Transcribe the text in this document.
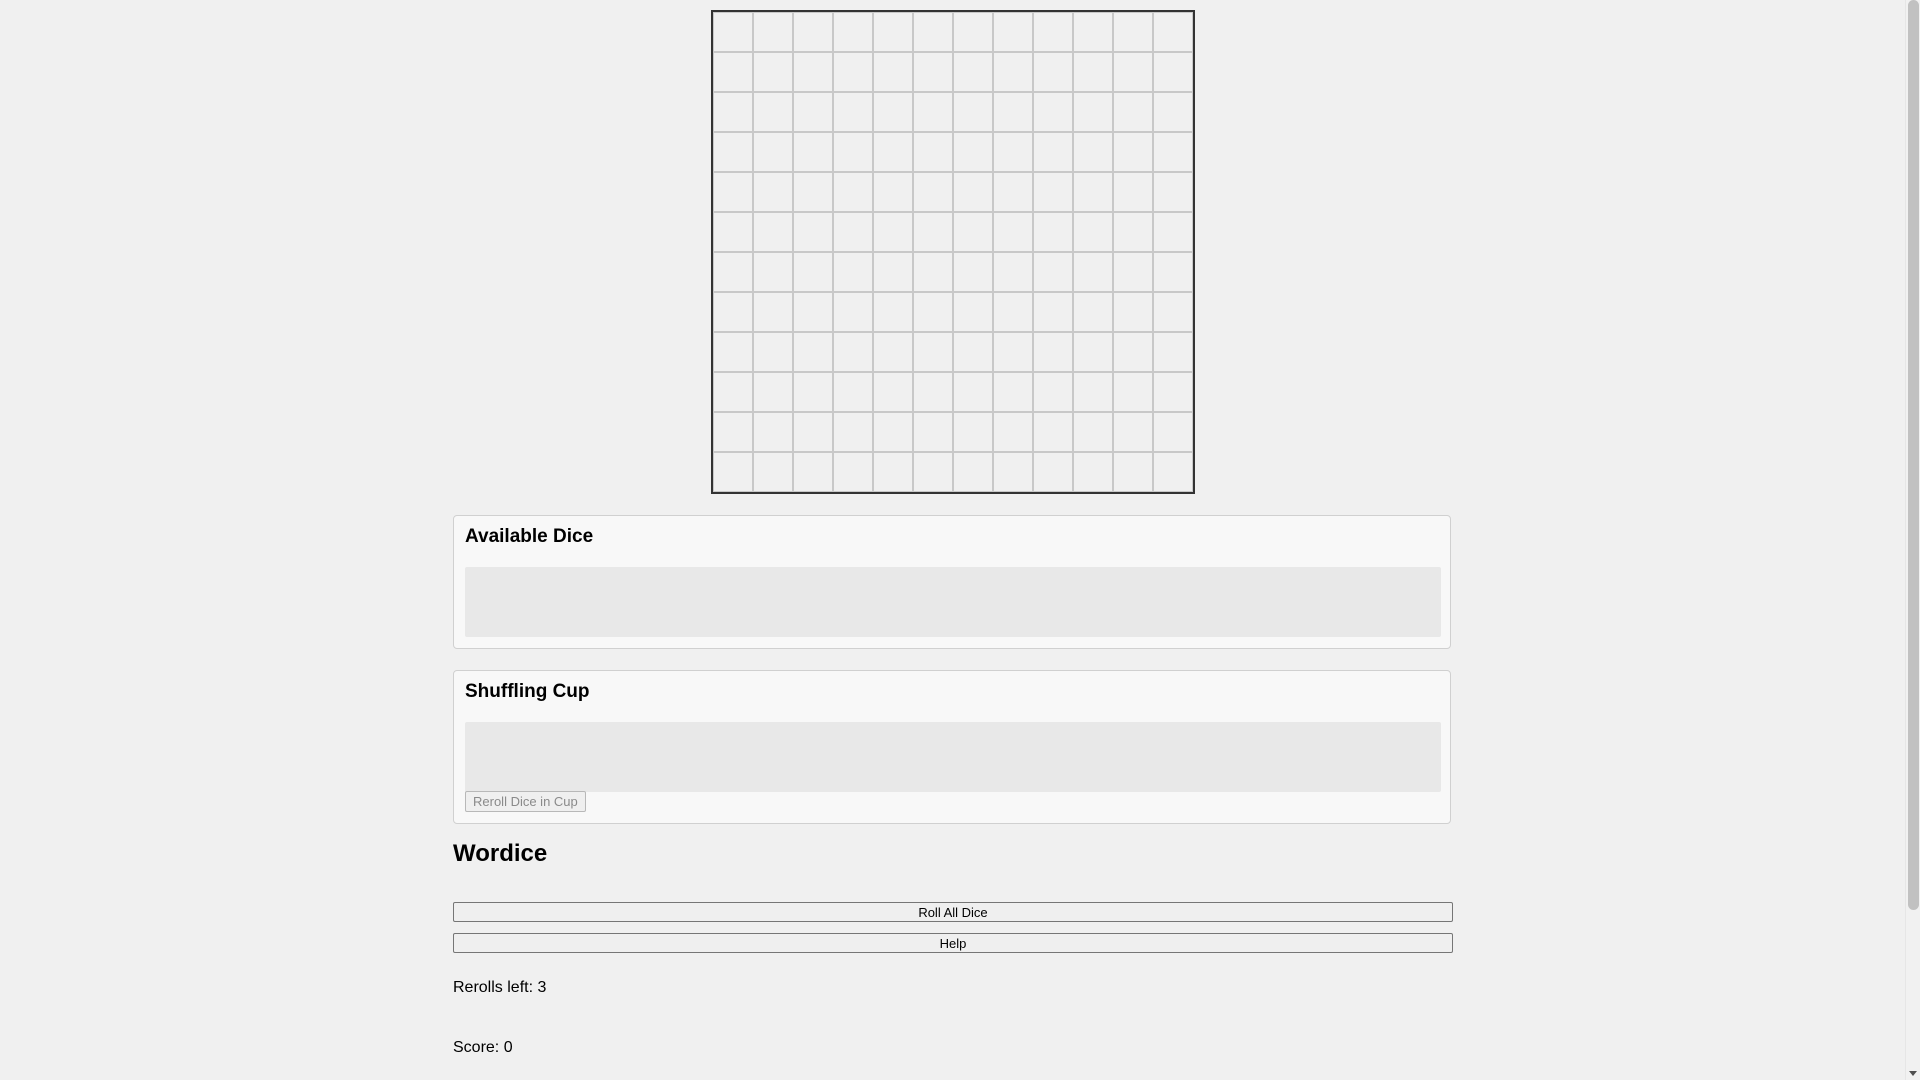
Available Dice
Shuffling Cup
Reroll Dice in Cup
Wordice
Roll All Dice
Help
Rerolls left: 3
Score: 0
